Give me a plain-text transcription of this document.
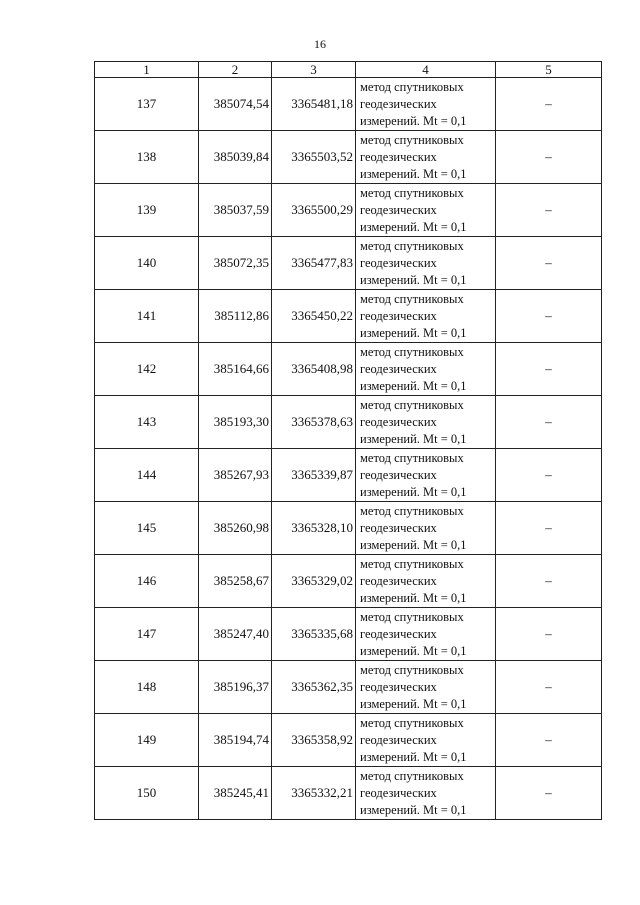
16
1	2	3	4	5
137	385074,54	3365481,18	метод спутниковых геодезических измерений. Mt = 0,1	–
138	385039,84	3365503,52	метод спутниковых геодезических измерений. Mt = 0,1	–
139	385037,59	3365500,29	метод спутниковых геодезических измерений. Mt = 0,1	–
140	385072,35	3365477,83	метод спутниковых геодезических измерений. Mt = 0,1	–
141	385112,86	3365450,22	метод спутниковых геодезических измерений. Mt = 0,1	–
142	385164,66	3365408,98	метод спутниковых геодезических измерений. Mt = 0,1	–
143	385193,30	3365378,63	метод спутниковых геодезических измерений. Mt = 0,1	–
144	385267,93	3365339,87	метод спутниковых геодезических измерений. Mt = 0,1	–
145	385260,98	3365328,10	метод спутниковых геодезических измерений. Mt = 0,1	–
146	385258,67	3365329,02	метод спутниковых геодезических измерений. Mt = 0,1	–
147	385247,40	3365335,68	метод спутниковых геодезических измерений. Mt = 0,1	–
148	385196,37	3365362,35	метод спутниковых геодезических измерений. Mt = 0,1	–
149	385194,74	3365358,92	метод спутниковых геодезических измерений. Mt = 0,1	–
150	385245,41	3365332,21	метод спутниковых геодезических измерений. Mt = 0,1	–
